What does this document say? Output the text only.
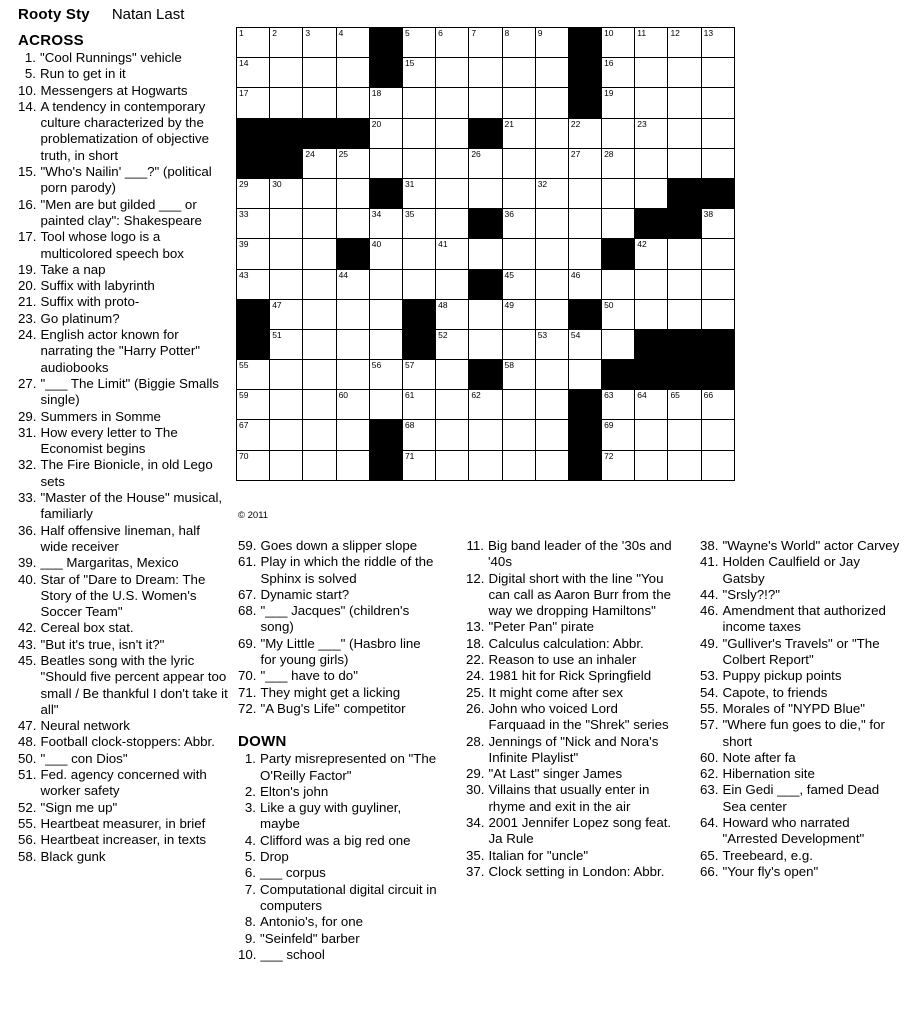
Rooty Sty Natan Last
1	2	3	4		5	6	7	8	9		10	11	12	13

14					15						16			

17				18							19			

				20				21		22		23		

		24	25				26			27	28			

29	30				31				32					

33				34	35			36						38

39				40		41						42		

43			44					45		46				

	47					48		49			50			

	51					52			53	54				

55				56	57			58						

59			60		61		62				63	64	65	66

67					68						69			

70					71						72			

© 2011
ACROSS
1. "Cool Runnings" vehicle
5. Run to get in it
10. Messengers at Hogwarts
14. A tendency in contemporary culture characterized by the problematization of objective truth, in short
15. "Who's Nailin' ___?" (political porn parody)
16. "Men are but gilded ___ or painted clay": Shakespeare
17. Tool whose logo is a multicolored speech box
19. Take a nap
20. Suffix with labyrinth
21. Suffix with proto-
23. Go platinum?
24. English actor known for narrating the "Harry Potter" audiobooks
27. "___ The Limit" (Biggie Smalls single)
29. Summers in Somme
31. How every letter to The Economist begins
32. The Fire Bionicle, in old Lego sets
33. "Master of the House" musical, familiarly
36. Half offensive lineman, half wide receiver
39. ___ Margaritas, Mexico
40. Star of "Dare to Dream: The Story of the U.S. Women's Soccer Team"
42. Cereal box stat.
43. "But it's true, isn't it?"
45. Beatles song with the lyric "Should five percent appear too small / Be thankful I don't take it all"
47. Neural network
48. Football clock-stoppers: Abbr.
50. "___ con Dios"
51. Fed. agency concerned with worker safety
52. "Sign me up"
55. Heartbeat measurer, in brief
56. Heartbeat increaser, in texts
58. Black gunk
59. Goes down a slipper slope
61. Play in which the riddle of the Sphinx is solved
67. Dynamic start?
68. "___ Jacques" (children's song)
69. "My Little ___" (Hasbro line for young girls)
70. "___ have to do"
71. They might get a licking
72. "A Bug's Life" competitor
DOWN
1. Party misrepresented on "The O'Reilly Factor"
2. Elton's john
3. Like a guy with guyliner, maybe
4. Clifford was a big red one
5. Drop
6. ___ corpus
7. Computational digital circuit in computers
8. Antonio's, for one
9. "Seinfeld" barber
10. ___ school
11. Big band leader of the '30s and '40s
12. Digital short with the line "You can call as Aaron Burr from the way we dropping Hamiltons"
13. "Peter Pan" pirate
18. Calculus calculation: Abbr.
22. Reason to use an inhaler
24. 1981 hit for Rick Springfield
25. It might come after sex
26. John who voiced Lord Farquaad in the "Shrek" series
28. Jennings of "Nick and Nora's Infinite Playlist"
29. "At Last" singer James
30. Villains that usually enter in rhyme and exit in the air
34. 2001 Jennifer Lopez song feat. Ja Rule
35. Italian for "uncle"
37. Clock setting in London: Abbr.
38. "Wayne's World" actor Carvey
41. Holden Caulfield or Jay Gatsby
44. "Srsly?!?"
46. Amendment that authorized income taxes
49. "Gulliver's Travels" or "The Colbert Report"
53. Puppy pickup points
54. Capote, to friends
55. Morales of "NYPD Blue"
57. "Where fun goes to die," for short
60. Note after fa
62. Hibernation site
63. Ein Gedi ___, famed Dead Sea center
64. Howard who narrated "Arrested Development"
65. Treebeard, e.g.
66. "Your fly's open"
